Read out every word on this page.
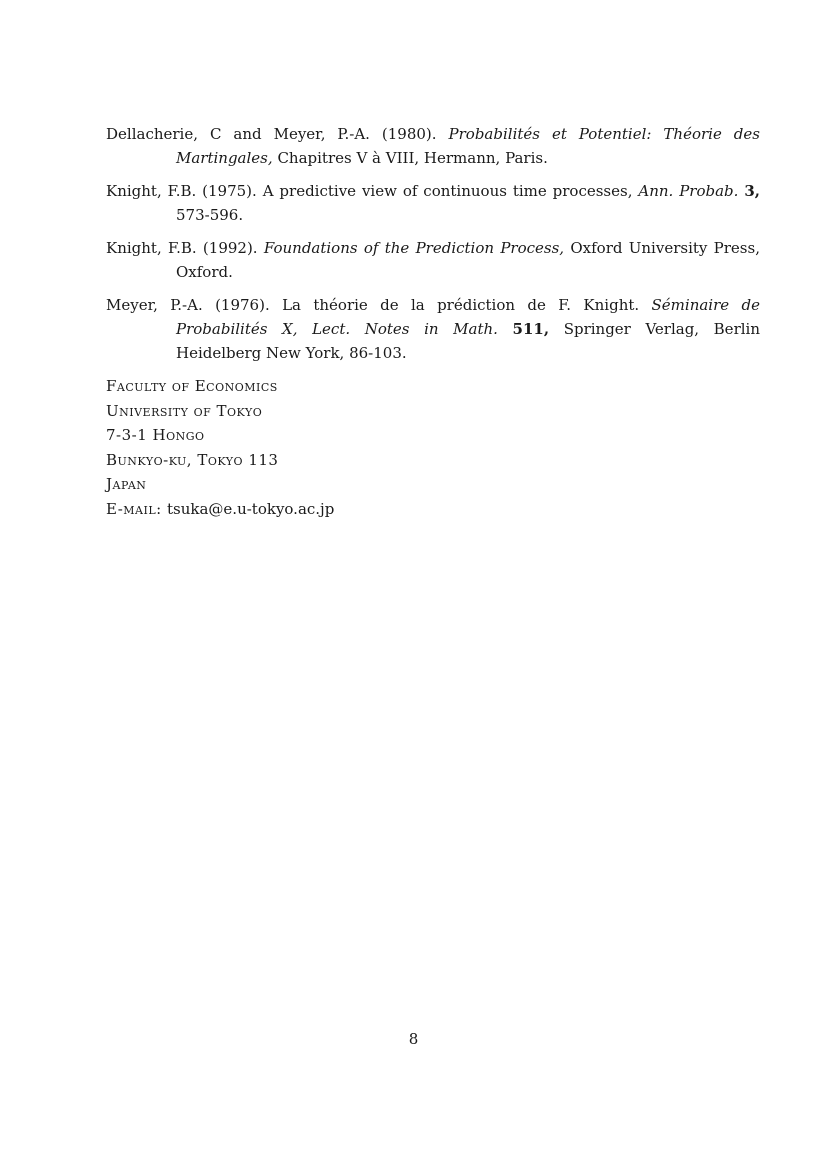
Dellacherie, C and Meyer, P.-A. (1980). Probabilités et Potentiel: Théorie des Martingales, Chapitres V à VIII, Hermann, Paris.

Knight, F.B. (1975). A predictive view of continuous time processes, Ann. Probab. 3, 573-596.

Knight, F.B. (1992). Foundations of the Prediction Process, Oxford University Press, Oxford.

Meyer, P.-A. (1976). La théorie de la prédiction de F. Knight. Séminaire de Probabilités X, Lect. Notes in Math. 511, Springer Verlag, Berlin Heidelberg New York, 86-103.

Faculty of Economics
University of Tokyo
7-3-1 Hongo
Bunkyo-ku, Tokyo 113
Japan
E-mail: tsuka@e.u-tokyo.ac.jp
8
